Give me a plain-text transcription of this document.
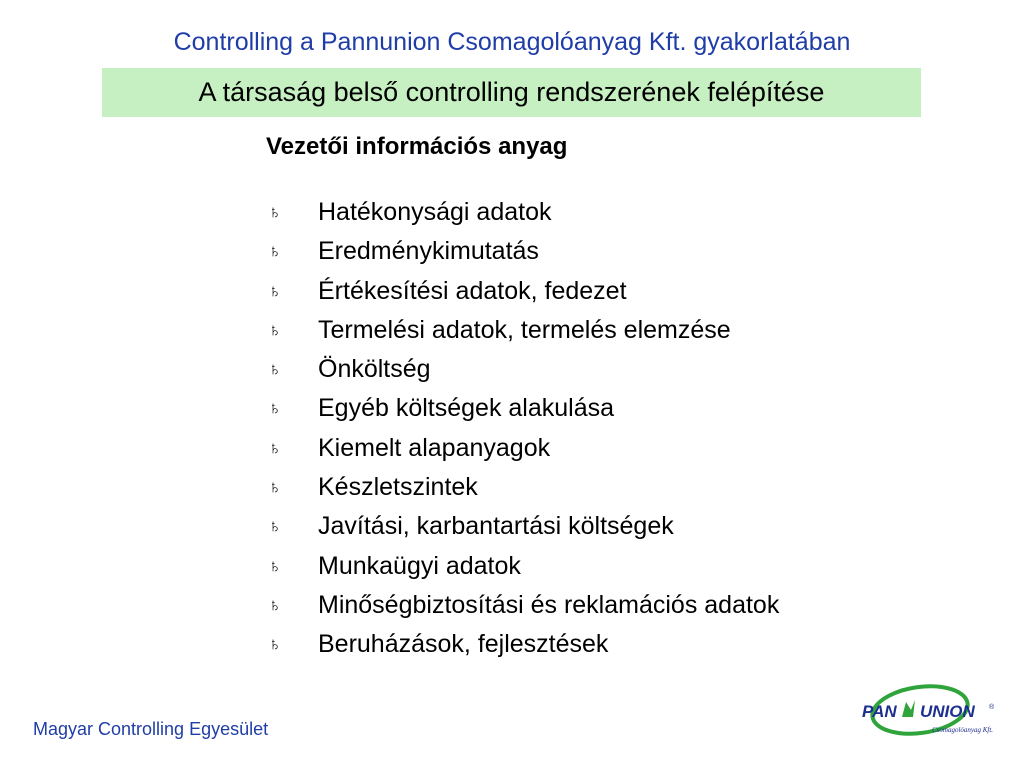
Controlling a Pannunion Csomagolóanyag Kft. gyakorlatában
A társaság belső controlling rendszerének felépítése
Vezetői információs anyag
♄	Hatékonysági adatok
♄	Eredménykimutatás
♄	Értékesítési adatok, fedezet
♄	Termelési adatok, termelés elemzése
♄	Önköltség
♄	Egyéb költségek alakulása
♄	Kiemelt alapanyagok
♄	Készletszintek
♄	Javítási, karbantartási költségek
♄	Munkaügyi adatok
♄	Minőségbiztosítási és reklamációs adatok
♄	Beruházások, fejlesztések
Magyar Controlling Egyesület
PAN UNION ®
Csomagolóanyag Kft.
